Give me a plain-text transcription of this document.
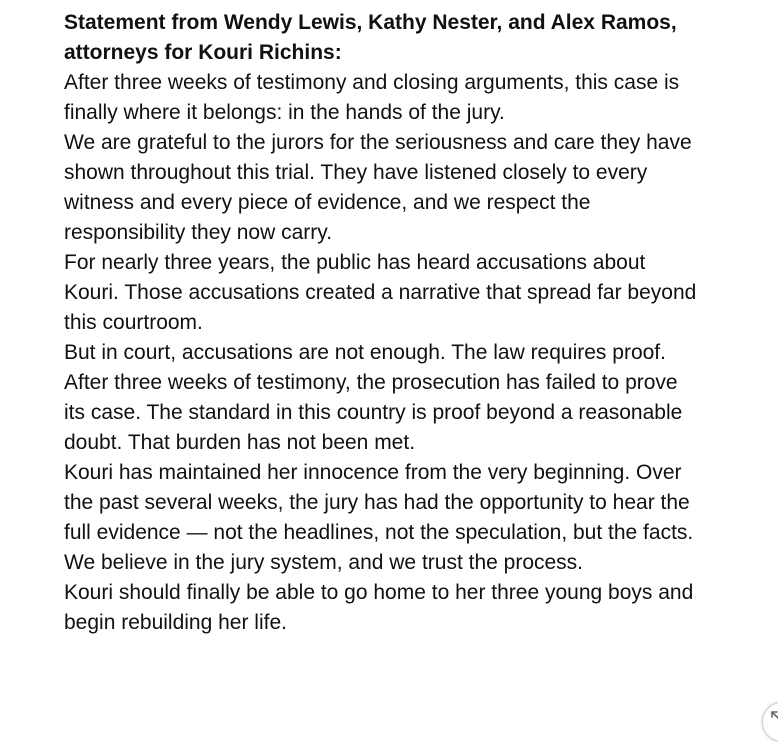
Statement from Wendy Lewis, Kathy Nester, and Alex Ramos, attorneys for Kouri Richins:

After three weeks of testimony and closing arguments, this case is finally where it belongs: in the hands of the jury.

We are grateful to the jurors for the seriousness and care they have shown throughout this trial. They have listened closely to every witness and every piece of evidence, and we respect the responsibility they now carry.

For nearly three years, the public has heard accusations about Kouri. Those accusations created a narrative that spread far beyond this courtroom.

But in court, accusations are not enough. The law requires proof.

After three weeks of testimony, the prosecution has failed to prove its case. The standard in this country is proof beyond a reasonable doubt. That burden has not been met.

Kouri has maintained her innocence from the very beginning. Over the past several weeks, the jury has had the opportunity to hear the full evidence — not the headlines, not the speculation, but the facts.

We believe in the jury system, and we trust the process.

Kouri should finally be able to go home to her three young boys and begin rebuilding her life.
